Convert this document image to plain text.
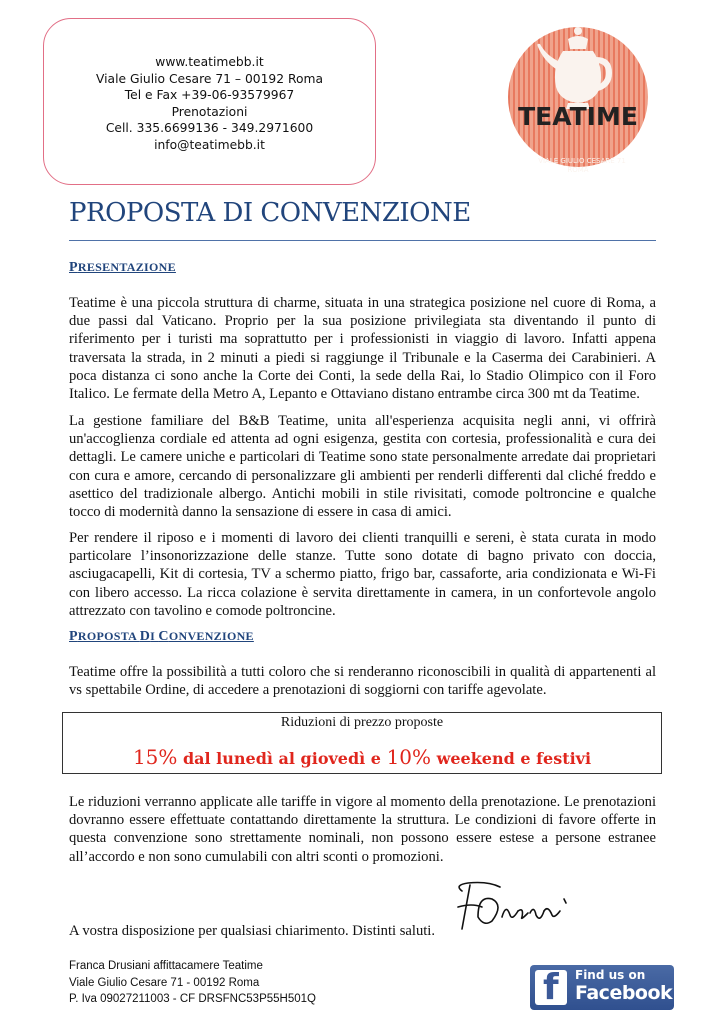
www.teatimebb.it
Viale Giulio Cesare 71 – 00192 Roma
Tel e Fax +39-06-93579967
Prenotazioni
Cell. 335.6699136 - 349.2971600
info@teatimebb.it
TEATIME
VIALE GIULIO CESARE 71
ROMA
PROPOSTA DI CONVENZIONE
PRESENTAZIONE
Teatime è una piccola struttura di charme, situata in una strategica posizione nel cuore di Roma, a due passi dal Vaticano. Proprio per la sua posizione privilegiata sta diventando il punto di riferimento per i turisti ma soprattutto per i professionisti in viaggio di lavoro. Infatti appena traversata la strada, in 2 minuti a piedi si raggiunge il Tribunale e la Caserma dei Carabinieri. A poca distanza ci sono anche la Corte dei Conti, la sede della Rai, lo Stadio Olimpico con il Foro Italico. Le fermate della Metro A, Lepanto e Ottaviano distano entrambe circa 300 mt da Teatime.
La gestione familiare del B&B Teatime, unita all'esperienza acquisita negli anni, vi offrirà un'accoglienza cordiale ed attenta ad ogni esigenza, gestita con cortesia, professionalità e cura dei dettagli. Le camere uniche e particolari di Teatime sono state personalmente arredate dai proprietari con cura e amore, cercando di personalizzare gli ambienti per renderli differenti dal cliché freddo e asettico del tradizionale albergo. Antichi mobili in stile rivisitati, comode poltroncine e qualche tocco di modernità danno la sensazione di essere in casa di amici.
Per rendere il riposo e i momenti di lavoro dei clienti tranquilli e sereni, è stata curata in modo particolare l’insonorizzazione delle stanze. Tutte sono dotate di bagno privato con doccia, asciugacapelli, Kit di cortesia, TV a schermo piatto, frigo bar, cassaforte, aria condizionata e Wi-Fi con libero accesso. La ricca colazione è servita direttamente in camera, in un confortevole angolo attrezzato con tavolino e comode poltroncine.
PROPOSTA DI CONVENZIONE
Teatime offre la possibilità a tutti coloro che si renderanno riconoscibili in qualità di appartenenti al vs spettabile Ordine, di accedere a prenotazioni di soggiorni con tariffe agevolate.
Riduzioni di prezzo proposte
15% dal lunedì al giovedì e 10% weekend e festivi
Le riduzioni verranno applicate alle tariffe in vigore al momento della prenotazione. Le prenotazioni dovranno essere effettuate contattando direttamente la struttura. Le condizioni di favore offerte in questa convenzione sono strettamente nominali, non possono essere estese a persone estranee all’accordo e non sono cumulabili con altri sconti o promozioni.
A vostra disposizione per qualsiasi chiarimento. Distinti saluti.
Franca Drusiani affittacamere Teatime
Viale Giulio Cesare 71 - 00192 Roma
P. Iva 09027211003 - CF DRSFNC53P55H501Q	f Find us on
Facebook
